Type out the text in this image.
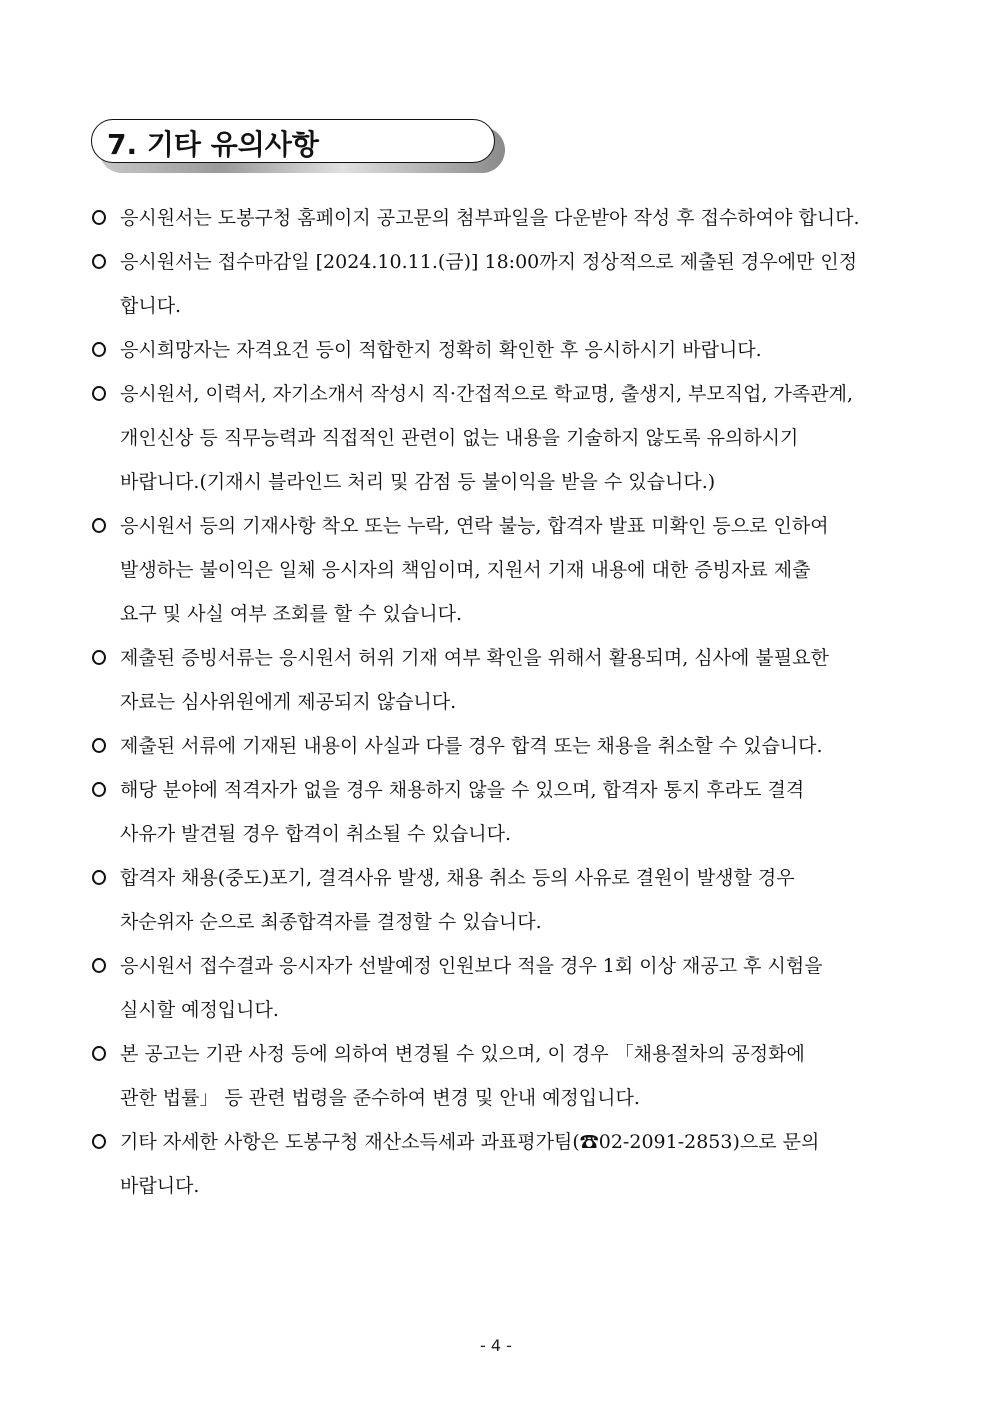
7. 기타 유의사항
응시원서는 도봉구청 홈페이지 공고문의 첨부파일을 다운받아 작성 후 접수하여야 합니다.
응시원서는 접수마감일 [2024.10.11.(금)] 18:00까지 정상적으로 제출된 경우에만 인정
합니다.
응시희망자는 자격요건 등이 적합한지 정확히 확인한 후 응시하시기 바랍니다.
응시원서, 이력서, 자기소개서 작성시 직·간접적으로 학교명, 출생지, 부모직업, 가족관계,
개인신상 등 직무능력과 직접적인 관련이 없는 내용을 기술하지 않도록 유의하시기
바랍니다.(기재시 블라인드 처리 및 감점 등 불이익을 받을 수 있습니다.)
응시원서 등의 기재사항 착오 또는 누락, 연락 불능, 합격자 발표 미확인 등으로 인하여
발생하는 불이익은 일체 응시자의 책임이며, 지원서 기재 내용에 대한 증빙자료 제출
요구 및 사실 여부 조회를 할 수 있습니다.
제출된 증빙서류는 응시원서 허위 기재 여부 확인을 위해서 활용되며, 심사에 불필요한
자료는 심사위원에게 제공되지 않습니다.
제출된 서류에 기재된 내용이 사실과 다를 경우 합격 또는 채용을 취소할 수 있습니다.
해당 분야에 적격자가 없을 경우 채용하지 않을 수 있으며, 합격자 통지 후라도 결격
사유가 발견될 경우 합격이 취소될 수 있습니다.
합격자 채용(중도)포기, 결격사유 발생, 채용 취소 등의 사유로 결원이 발생할 경우
차순위자 순으로 최종합격자를 결정할 수 있습니다.
응시원서 접수결과 응시자가 선발예정 인원보다 적을 경우 1회 이상 재공고 후 시험을
실시할 예정입니다.
본 공고는 기관 사정 등에 의하여 변경될 수 있으며, 이 경우 「채용절차의 공정화에
관한 법률」 등 관련 법령을 준수하여 변경 및 안내 예정입니다.
기타 자세한 사항은 도봉구청 재산소득세과 과표평가팀(☎02-2091-2853)으로 문의
바랍니다.
- 4 -
